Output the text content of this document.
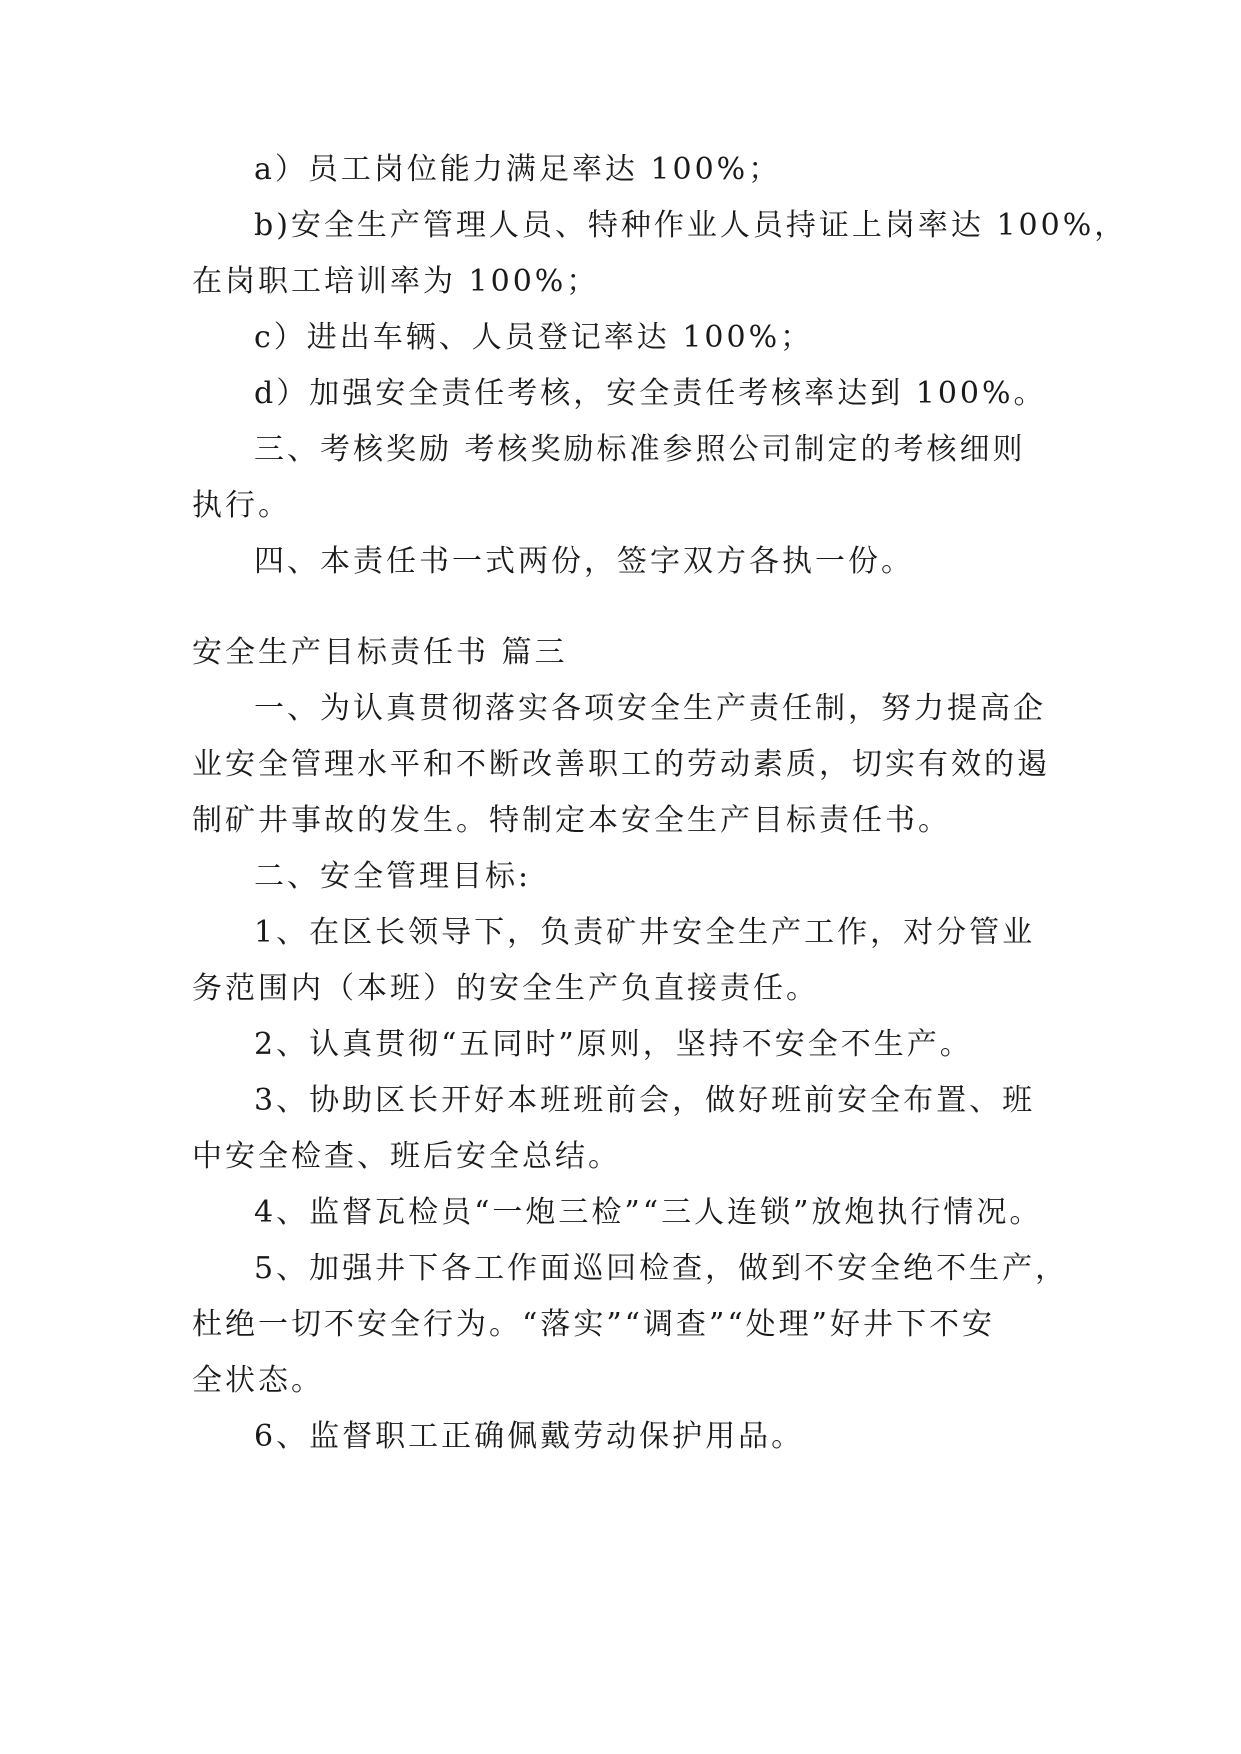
a）员工岗位能力满足率达 100%；
b)安全生产管理人员、特种作业人员持证上岗率达 100%，
在岗职工培训率为 100%；
c）进出车辆、人员登记率达 100%；
d）加强安全责任考核，安全责任考核率达到 100%。
三、考核奖励 考核奖励标准参照公司制定的考核细则
执行。
四、本责任书一式两份，签字双方各执一份。
安全生产目标责任书 篇三
一、为认真贯彻落实各项安全生产责任制，努力提高企
业安全管理水平和不断改善职工的劳动素质，切实有效的遏
制矿井事故的发生。特制定本安全生产目标责任书。
二、安全管理目标:
1、在区长领导下，负责矿井安全生产工作，对分管业
务范围内（本班）的安全生产负直接责任。
2、认真贯彻“五同时”原则，坚持不安全不生产。
3、协助区长开好本班班前会，做好班前安全布置、班
中安全检查、班后安全总结。
4、监督瓦检员“一炮三检”“三人连锁”放炮执行情况。
5、加强井下各工作面巡回检查，做到不安全绝不生产，
杜绝一切不安全行为。“落实”“调查”“处理”好井下不安
全状态。
6、监督职工正确佩戴劳动保护用品。
